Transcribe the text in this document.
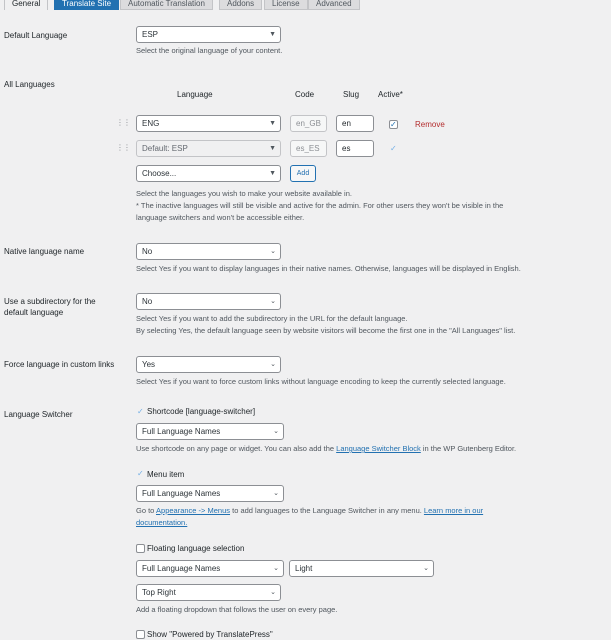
General	Translate Site	Automatic Translation	Addons	License	Advanced
Default Language	ESP	▼
Select the original language of your content.
All Languages
Language	Code	Slug Active*
⋮⋮	ENG	▼	en_GB	en	✓ Remove
⋮⋮	Default: ESP	▼	es_ES	es	✓
Choose...	▼	Add
Select the languages you wish to make your website available in.
* The inactive languages will still be visible and active for the admin. For other users they won't be visible in the
language switchers and won't be accessible either.
Native language name	No	⌄
Select Yes if you want to display languages in their native names. Otherwise, languages will be displayed in English.
Use a subdirectory for the
default language
No	⌄
Select Yes if you want to add the subdirectory in the URL for the default language.
By selecting Yes, the default language seen by website visitors will become the first one in the "All Languages" list.
Force language in custom links	Yes	⌄
Select Yes if you want to force custom links without language encoding to keep the currently selected language.
Language Switcher	✓ Shortcode [language-switcher]
Full Language Names	⌄
Use shortcode on any page or widget. You can also add the Language Switcher Block in the WP Gutenberg Editor.
✓ Menu item
Full Language Names	⌄
Go to Appearance -> Menus to add languages to the Language Switcher in any menu. Learn more in our
documentation.
Floating language selection
Full Language Names	⌄	Light	⌄
Top Right	⌄
Add a floating dropdown that follows the user on every page.
Show "Powered by TranslatePress"
